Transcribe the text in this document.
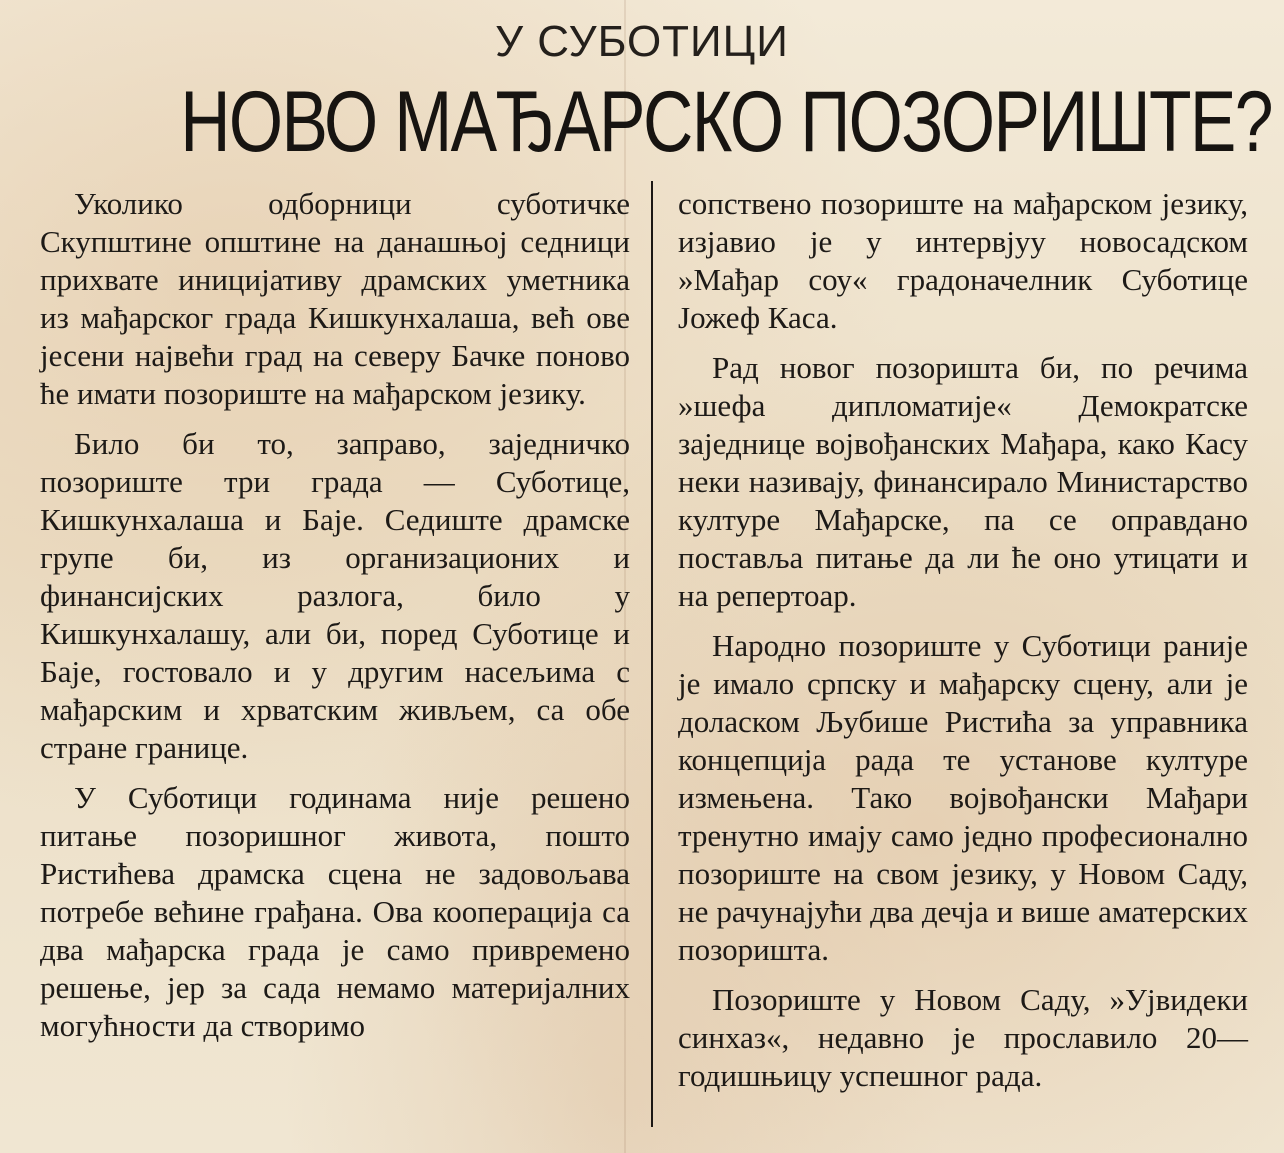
У СУБОТИЦИ
НОВО МАЂАРСКО ПОЗОРИШТЕ?

Уколико одборници суботичке Скупштине општине на данашњој седници прихвате иницијативу драмских уметника из мађарског града Кишкунхалаша, већ ове јесени највећи град на северу Бачке поново ће имати позориште на мађарском језику.

Било би то, заправо, заједничко позориште три града — Суботице, Кишкунхалаша и Баје. Седиште драмске групе би, из организационих и финансијских разлога, било у Кишкунхалашу, али би, поред Суботице и Баје, гостовало и у другим насељима с мађарским и хрватским живљем, са обе стране границе.

У Суботици годинама није решено питање позоришног живота, пошто Ристићева драмска сцена не задовољава потребе већине грађана. Ова кооперација са два мађарска града је само привремено решење, јер за сада немамо материјалних могућности да створимо

сопствено позориште на мађарском језику, изјавио је у интервјуу новосадском »Мађар соу« градоначелник Суботице Јожеф Каса.

Рад новог позоришта би, по речима »шефа дипломатије« Демократске заједнице војвођанских Мађара, како Касу неки називају, финансирало Министарство културе Мађарске, па се оправдано поставља питање да ли ће оно утицати и на репертоар.

Народно позориште у Суботици раније је имало српску и мађарску сцену, али је доласком Љубише Ристића за управника концепција рада те установе културе измењена. Тако војвођански Мађари тренутно имају само једно професионално позориште на свом језику, у Новом Саду, не рачунајући два дечја и више аматерских позоришта.

Позориште у Новом Саду, »Ујвидеки синхаз«, недавно је прославило 20—годишњицу успешног рада.
